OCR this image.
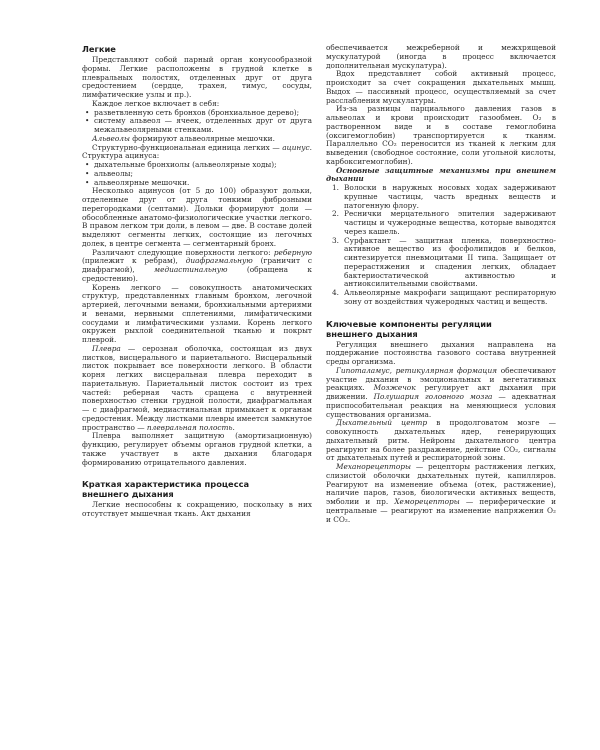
Легкие

Представляют собой парный орган конусообразной формы. Легкие расположены в грудной клетке в плевральных полостях, отделенных друг от друга средостением (сердце, трахея, тимус, сосуды, лимфатические узлы и пр.).

Каждое легкое включает в себя:

• разветвленную сеть бронхов (бронхиальное дерево);
• систему альвеол — ячеек, отделенных друг от друга межальвеолярными стенками.

Альвеолы формируют альвеолярные мешочки.

Структурно-функциональная единица легких — ацинус. Структура ацинуса:

• дыхательные бронхиолы (альвеолярные ходы);
• альвеолы;
• альвеолярные мешочки.

Несколько ацинусов (от 5 до 100) образуют дольки, отделенные друг от друга тонкими фиброзными перегородками (септами). Дольки формируют доли — обособленные анатомо-физиологические участки легкого. В правом легком три доли, в левом — две. В составе долей выделяют сегменты легких, состоящие из легочных долек, в центре сегмента — сегментарный бронх.

Различают следующие поверхности легкого: реберную (прилежит к ребрам), диафрагмальную (граничит с диафрагмой), медиастинальную (обращена к средостению).

Корень легкого — совокупность анатомических структур, представленных главным бронхом, легочной артерией, легочными венами, бронхиальными артериями и венами, нервными сплетениями, лимфатическими сосудами и лимфатическими узлами. Корень легкого окружен рыхлой соединительной тканью и покрыт плеврой.

Плевра — серозная оболочка, состоящая из двух листков, висцерального и париетального. Висцеральный листок покрывает все поверхности легкого. В области корня легких висцеральная плевра переходит в париетальную. Париетальный листок состоит из трех частей: реберная часть сращена с внутренней поверхностью стенки грудной полости, диафрагмальная — с диафрагмой, медиастинальная примыкает к органам средостения. Между листками плевры имеется замкнутое пространство — плевральная полость.

Плевра выполняет защитную (амортизационную) функцию, регулирует объемы органов грудной клетки, а также участвует в акте дыхания благодаря формированию отрицательного давления.

Краткая характеристика процесса
внешнего дыхания

Легкие неспособны к сокращению, поскольку в них отсутствует мышечная ткань. Акт дыхания

обеспечивается межреберной и межхрящевой мускулатурой (иногда в процесс включается дополнительная мускулатура).

Вдох представляет собой активный процесс, происходит за счет сокращения дыхательных мышц. Выдох — пассивный процесс, осуществляемый за счет расслабления мускулатуры.

Из-за разницы парциального давления газов в альвеолах и крови происходит газообмен. O₂ в растворенном виде и в составе гемоглобина (оксигемоглобин) транспортируется к тканям. Параллельно CO₂ переносится из тканей к легким для выведения (свободное состояние, соли угольной кислоты, карбоксигемоглобин).

Основные защитные механизмы при внешнем дыхании

1. Волоски в наружных носовых ходах задерживают крупные частицы, часть вредных веществ и патогенную флору.
2. Реснички мерцательного эпителия задерживают частицы и чужеродные вещества, которые выводятся через кашель.
3. Сурфактант — защитная пленка, поверхностно-активное вещество из фосфолипидов и белков, синтезируется пневмоцитами II типа. Защищает от перерастяжения и спадения легких, обладает бактериостатической активностью и антиоксилительными свойствами.
4. Альвеолярные макрофаги защищают респираторную зону от воздействия чужеродных частиц и веществ.
Ключевые компоненты регуляции
внешнего дыхания

Регуляция внешнего дыхания направлена на поддержание постоянства газового состава внутренней среды организма.

Гипоталамус, ретикулярная формация обеспечивают участие дыхания в эмоциональных и вегетативных реакциях. Мозжечок регулирует акт дыхания при движении. Полушария головного мозга — адекватная приспособительная реакция на меняющиеся условия существования организма.

Дыхательный центр в продолговатом мозге — совокупность дыхательных ядер, генерирующих дыхательный ритм. Нейроны дыхательного центра реагируют на более раздражение, действие CO₂, сигналы от дыхательных путей и респираторной зоны.

Механорецепторы — рецепторы растяжения легких, слизистой оболочки дыхательных путей, капилляров. Реагируют на изменение объема (отек, растяжение), наличие паров, газов, биологически активных веществ, эмболии и пр. Хеморецепторы — периферические и центральные — реагируют на изменение напряжения O₂ и CO₂.
